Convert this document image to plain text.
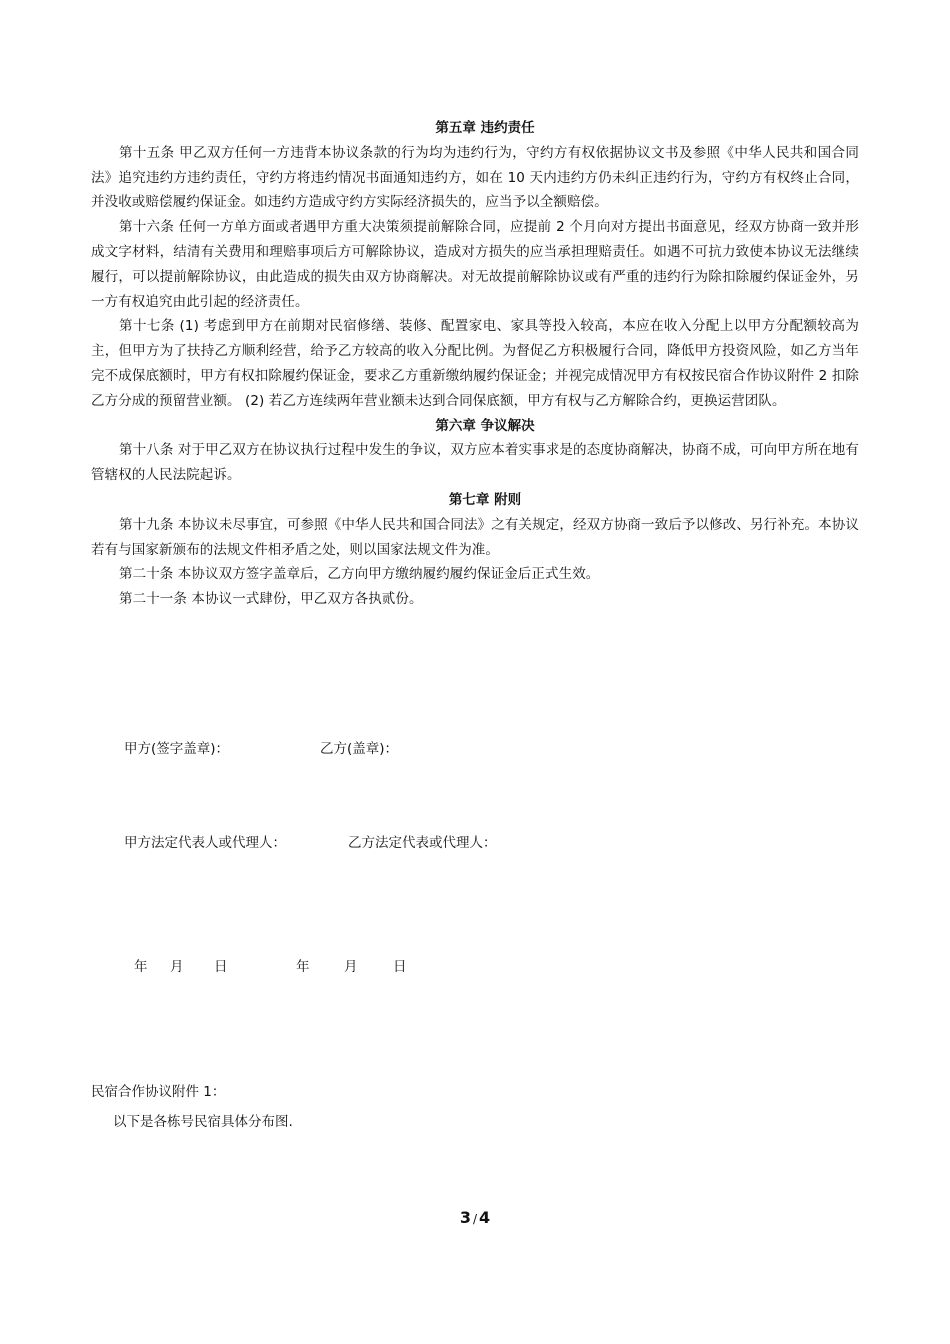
第五章 违约责任

第十五条 甲乙双方任何一方违背本协议条款的行为均为违约行为，守约方有权依据协议文书及参照《中华人民共和国合同法》追究违约方违约责任，守约方将违约情况书面通知违约方，如在 10 天内违约方仍未纠正违约行为，守约方有权终止合同，并没收或赔偿履约保证金。如违约方造成守约方实际经济损失的，应当予以全额赔偿。

第十六条 任何一方单方面或者遇甲方重大决策须提前解除合同，应提前 2 个月向对方提出书面意见，经双方协商一致并形成文字材料，结清有关费用和理赔事项后方可解除协议，造成对方损失的应当承担理赔责任。如遇不可抗力致使本协议无法继续履行，可以提前解除协议，由此造成的损失由双方协商解决。对无故提前解除协议或有严重的违约行为除扣除履约保证金外，另一方有权追究由此引起的经济责任。

第十七条 (1) 考虑到甲方在前期对民宿修缮、装修、配置家电、家具等投入较高，本应在收入分配上以甲方分配额较高为主，但甲方为了扶持乙方顺利经营，给予乙方较高的收入分配比例。为督促乙方积极履行合同，降低甲方投资风险，如乙方当年完不成保底额时，甲方有权扣除履约保证金，要求乙方重新缴纳履约保证金；并视完成情况甲方有权按民宿合作协议附件 2 扣除乙方分成的预留营业额。 (2) 若乙方连续两年营业额未达到合同保底额，甲方有权与乙方解除合约，更换运营团队。

第六章 争议解决

第十八条 对于甲乙双方在协议执行过程中发生的争议，双方应本着实事求是的态度协商解决，协商不成，可向甲方所在地有管辖权的人民法院起诉。

第七章 附则

第十九条 本协议未尽事宜，可参照《中华人民共和国合同法》之有关规定，经双方协商一致后予以修改、另行补充。本协议若有与国家新颁布的法规文件相矛盾之处，则以国家法规文件为准。

第二十条 本协议双方签字盖章后，乙方向甲方缴纳履约履约保证金后正式生效。

第二十一条 本协议一式肆份，甲乙双方各执贰份。

甲方(签字盖章)：	乙方(盖章)：
甲方法定代表人或代理人：	乙方法定代表或代理人：
年 月 日	年	月	日
民宿合作协议附件 1：
以下是各栋号民宿具体分布图.
3 / 4
